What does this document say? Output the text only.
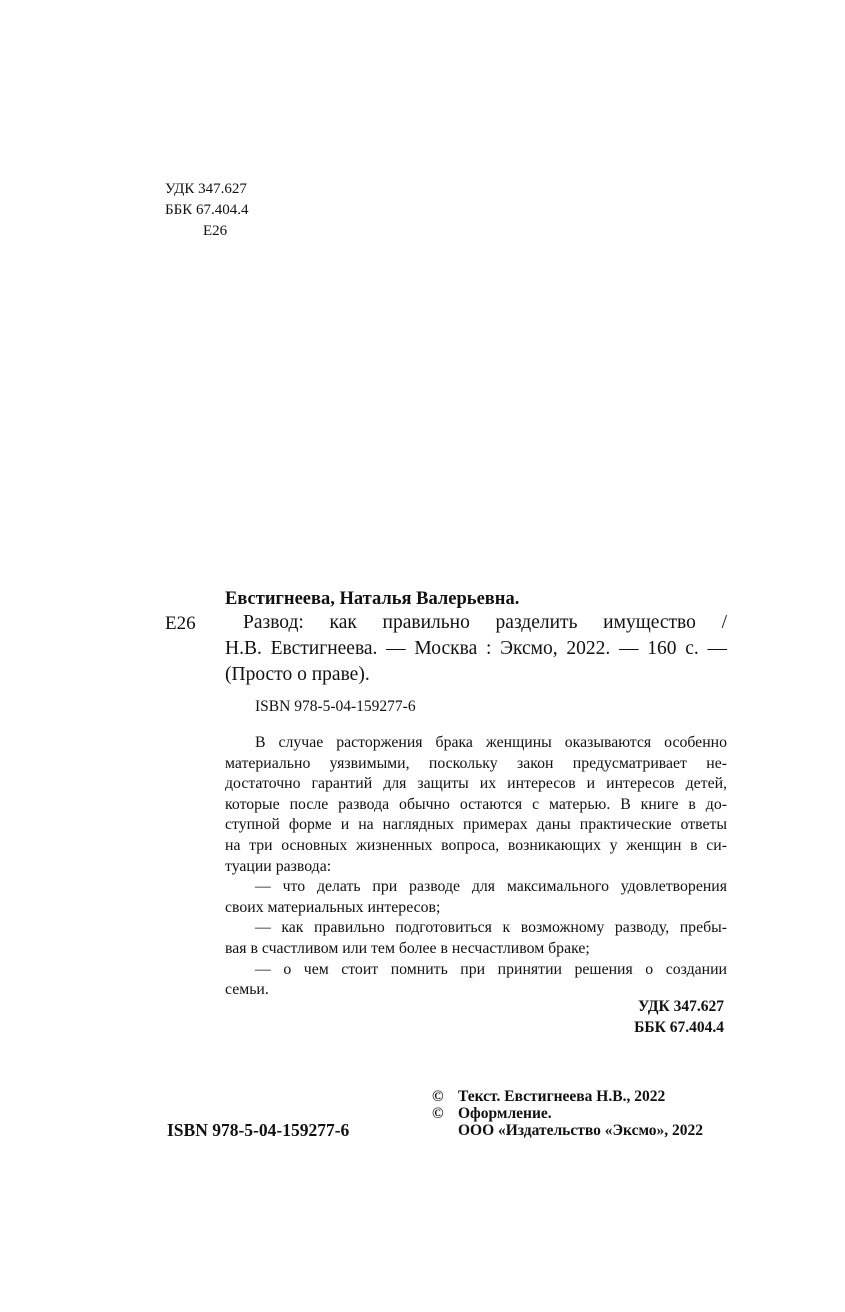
УДК 347.627
ББК 67.404.4
Е26
Евстигнеева, Наталья Валерьевна.
Е26	Развод: как правильно разделить имущество /
Н.В. Евстигнеева. — Москва : Эксмо, 2022. — 160 с. —
(Просто о праве).
ISBN 978-5-04-159277-6
В случае расторжения брака женщины оказываются особенно
материально уязвимыми, поскольку закон предусматривает не-
достаточно гарантий для защиты их интересов и интересов детей,
которые после развода обычно остаются с матерью. В книге в до-
ступной форме и на наглядных примерах даны практические ответы
на три основных жизненных вопроса, возникающих у женщин в си-
туации развода:
— что делать при разводе для максимального удовлетворения
своих материальных интересов;
— как правильно подготовиться к возможному разводу, пребы-
вая в счастливом или тем более в несчастливом браке;
— о чем стоит помнить при принятии решения о создании
семьи.
УДК 347.627
ББК 67.404.4
ISBN 978-5-04-159277-6
© Текст. Евстигнеева Н.В., 2022
© Оформление.
ООО «Издательство «Эксмо», 2022
